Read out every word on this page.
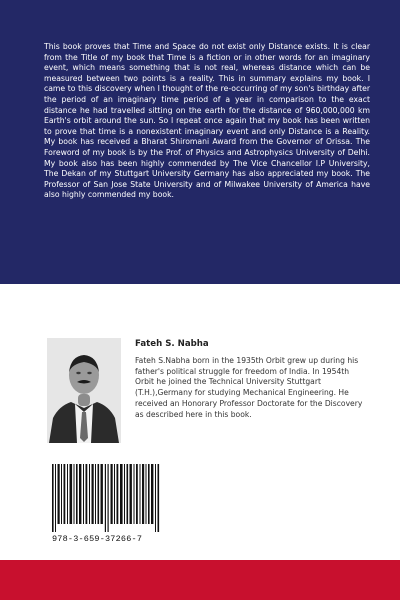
This book proves that Time and Space do not exist only Distance exists. It is clear from the Title of my book that Time is a fiction or in other words for an imaginary event, which means something that is not real, whereas distance which can be measured between two points is a reality. This in summary explains my book. I came to this discovery when I thought of the re-occurring of my son's birthday after the period of an imaginary time period of a year in comparison to the exact distance he had travelled sitting on the earth for the distance of 960,000,000 km Earth's orbit around the sun. So I repeat once again that my book has been written to prove that time is a nonexistent imaginary event and only Distance is a Reality. My book has received a Bharat Shiromani Award from the Governor of Orissa. The Foreword of my book is by the Prof. of Physics and Astrophysics University of Delhi. My book also has been highly commended by The Vice Chancellor I.P University, The Dekan of my Stuttgart University Germany has also appreciated my book. The Professor of San Jose State University and of Milwakee University of America have also highly commended my book.

Fateh S. Nabha

Fateh S.Nabha born in the 1935th Orbit grew up during his father's political struggle for freedom of India. In 1954th Orbit he joined the Technical University Stuttgart (T.H.),Germany for studying Mechanical Engineering. He received an Honorary Professor Doctorate for the Discovery as described here in this book.

978-3-659-37266-7
